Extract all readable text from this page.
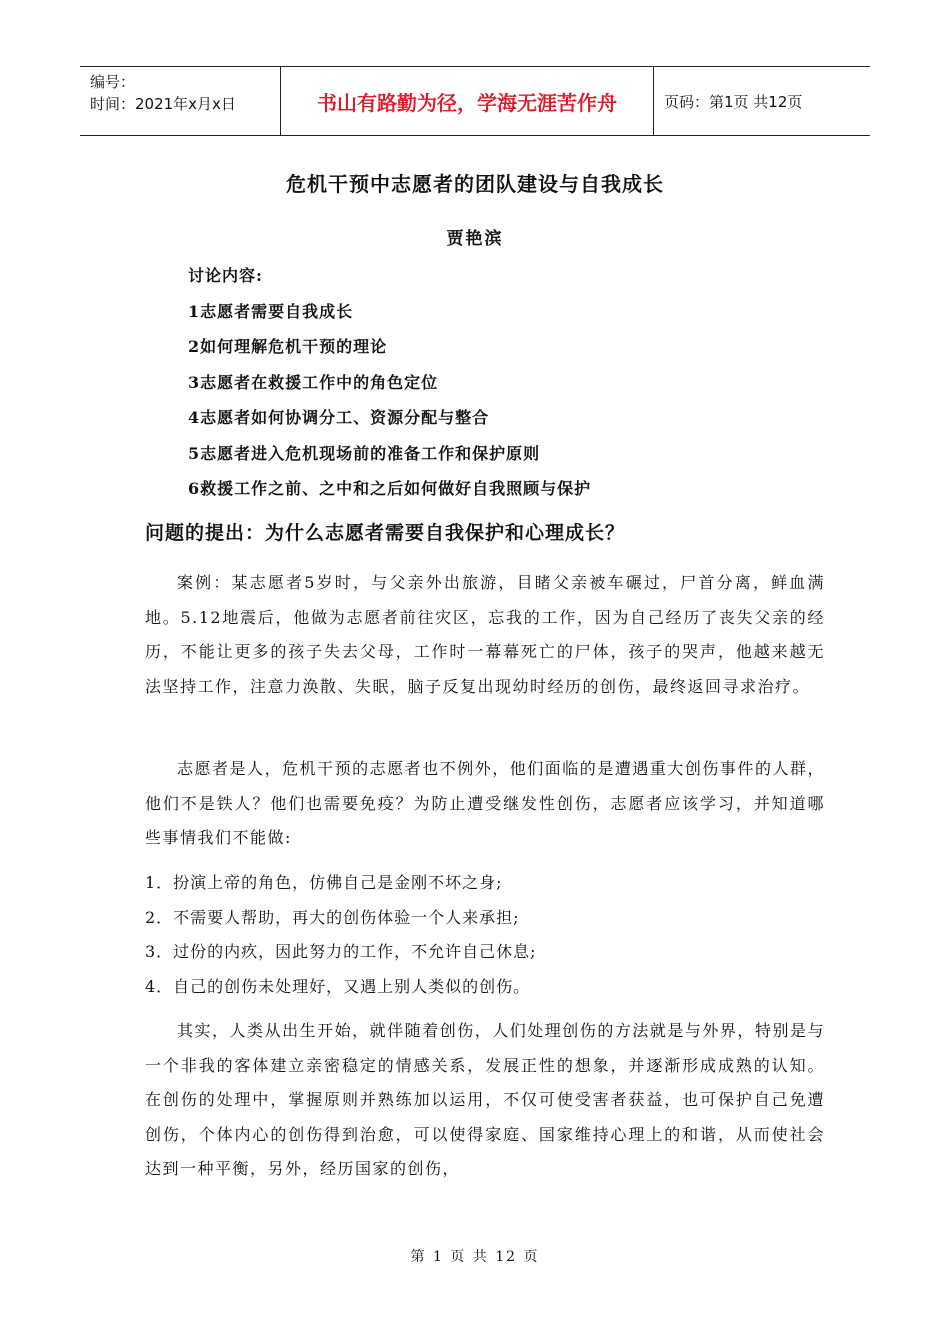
编号：
时间：2021年x月x日	书山有路勤为径，学海无涯苦作舟	页码：第1页 共12页
危机干预中志愿者的团队建设与自我成长
贾艳滨
讨论内容:
1志愿者需要自我成长
2如何理解危机干预的理论
3志愿者在救援工作中的角色定位
4志愿者如何协调分工、资源分配与整合
5志愿者进入危机现场前的准备工作和保护原则
6救援工作之前、之中和之后如何做好自我照顾与保护
问题的提出：为什么志愿者需要自我保护和心理成长？
案例：某志愿者5岁时，与父亲外出旅游，目睹父亲被车碾过，尸首分离，鲜血满地。5.12地震后，他做为志愿者前往灾区，忘我的工作，因为自己经历了丧失父亲的经历，不能让更多的孩子失去父母，工作时一幕幕死亡的尸体，孩子的哭声，他越来越无法坚持工作，注意力涣散、失眠，脑子反复出现幼时经历的创伤，最终返回寻求治疗。
志愿者是人，危机干预的志愿者也不例外，他们面临的是遭遇重大创伤事件的人群，他们不是铁人？他们也需要免疫？为防止遭受继发性创伤，志愿者应该学习，并知道哪些事情我们不能做:
1．扮演上帝的角色，仿佛自己是金刚不坏之身;
2．不需要人帮助，再大的创伤体验一个人来承担;
3．过份的内疚，因此努力的工作，不允许自己休息;
4．自己的创伤未处理好，又遇上别人类似的创伤。
其实，人类从出生开始，就伴随着创伤，人们处理创伤的方法就是与外界，特别是与一个非我的客体建立亲密稳定的情感关系，发展正性的想象，并逐渐形成成熟的认知。在创伤的处理中，掌握原则并熟练加以运用，不仅可使受害者获益，也可保护自己免遭创伤，个体内心的创伤得到治愈，可以使得家庭、国家维持心理上的和谐，从而使社会达到一种平衡，另外，经历国家的创伤，
第 1 页 共 12 页
